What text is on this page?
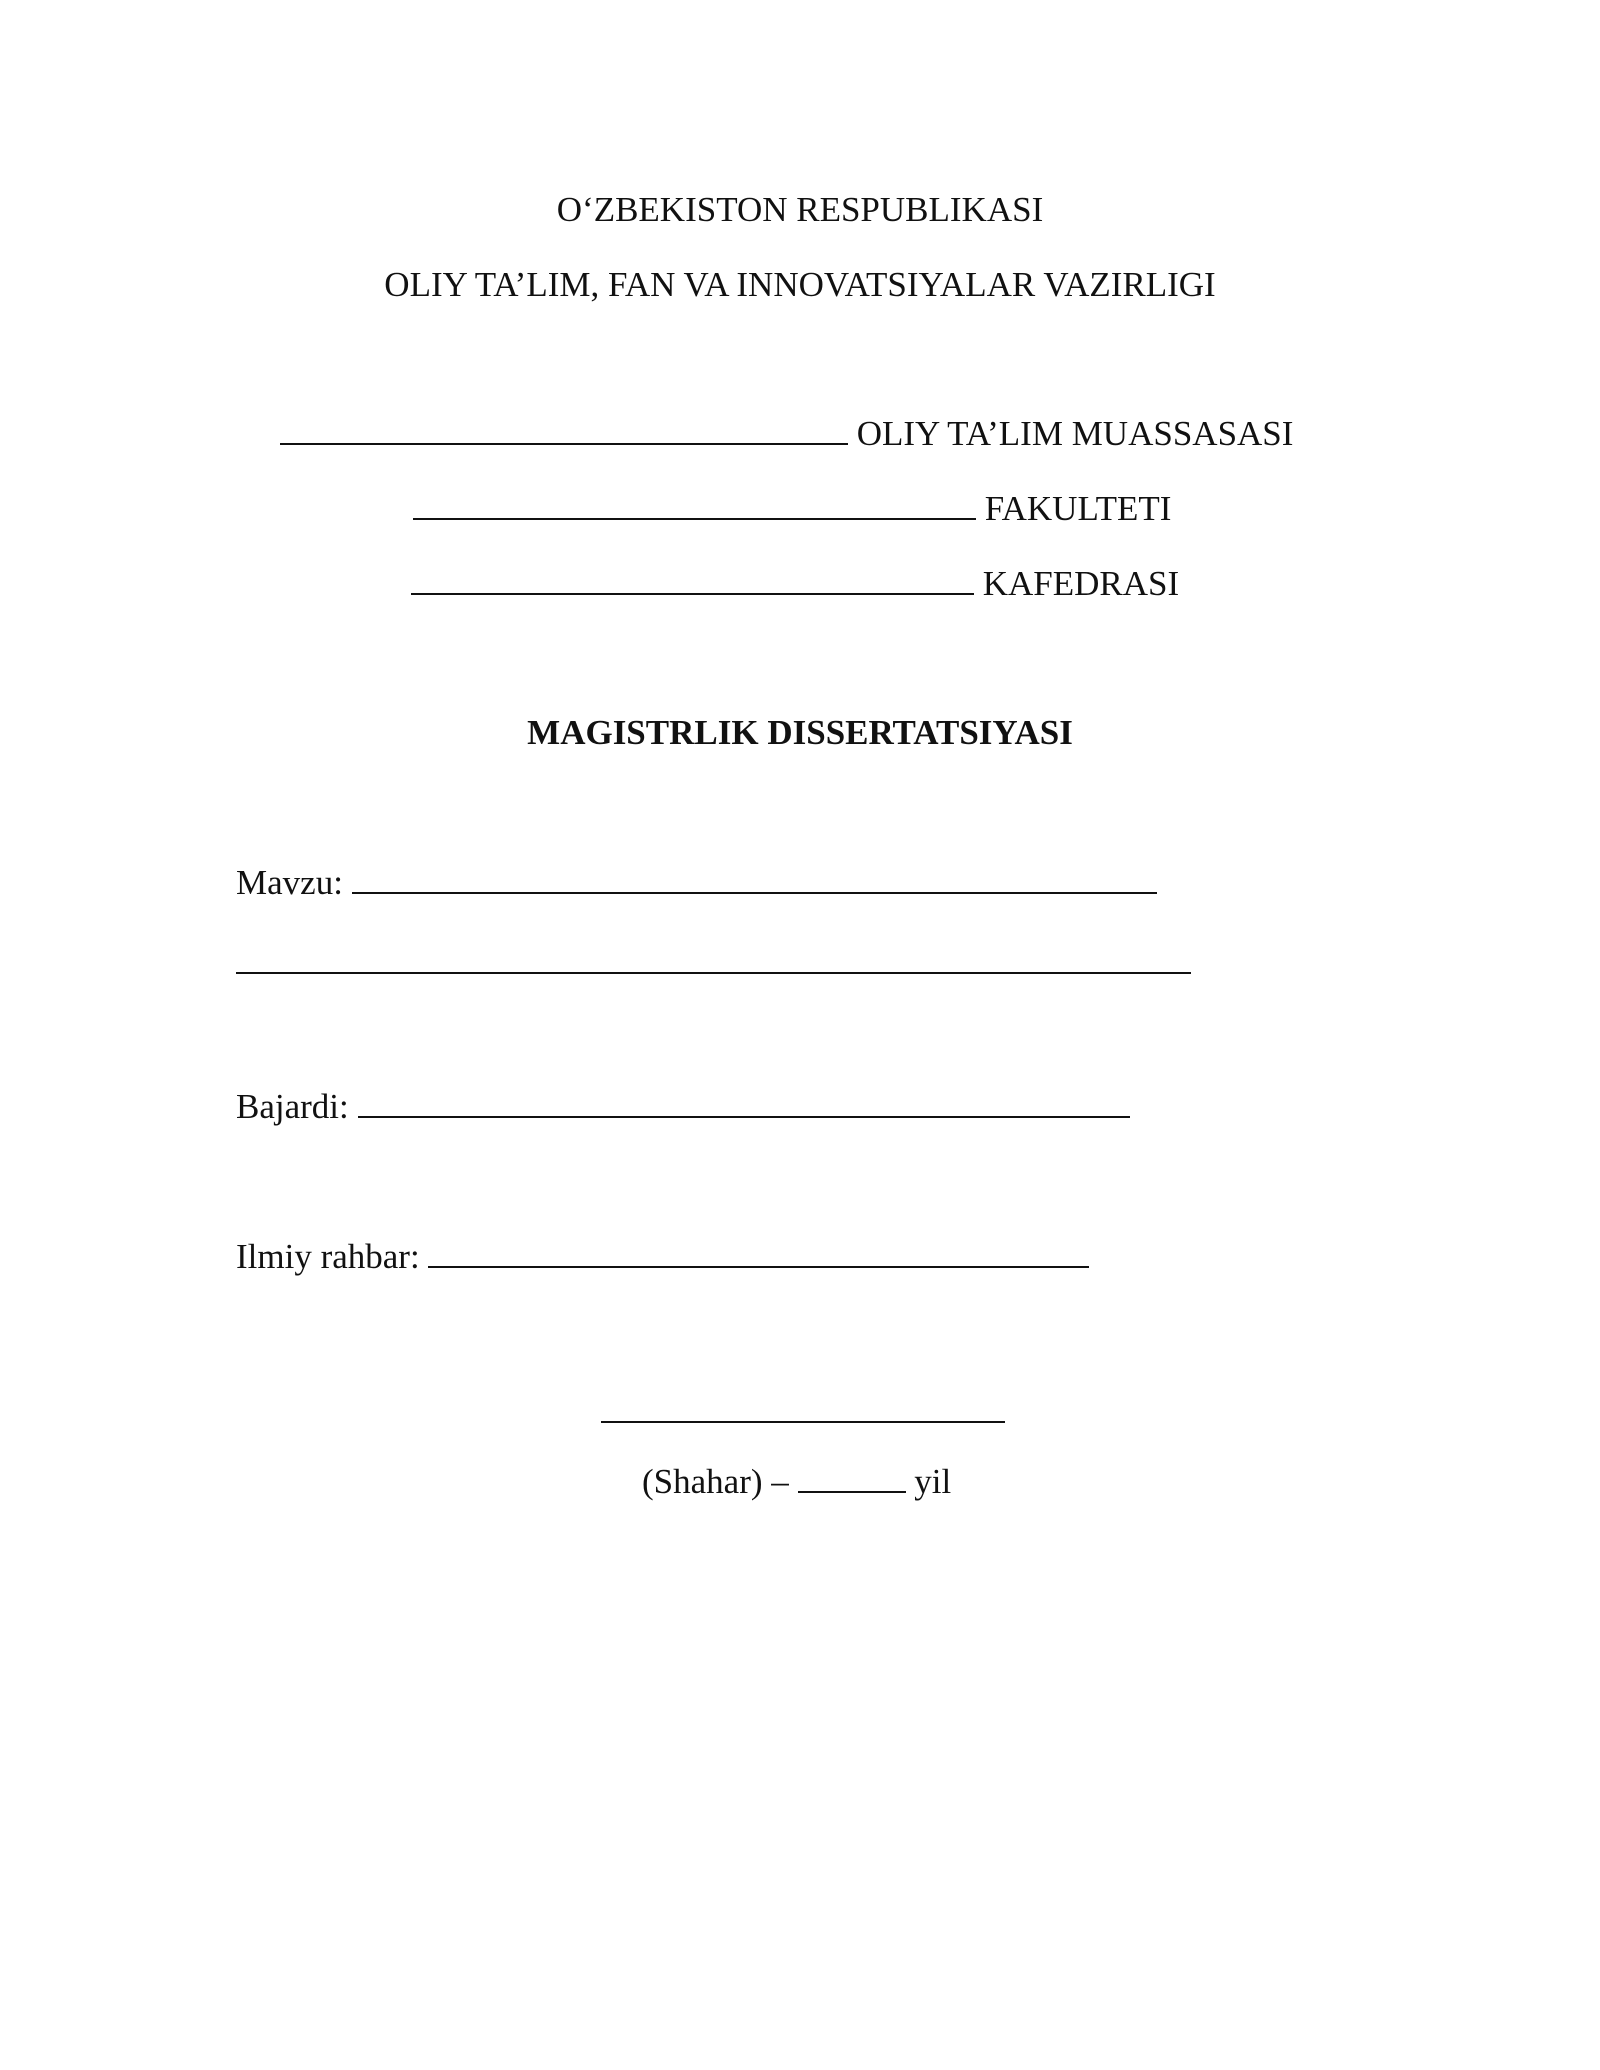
O‘ZBEKISTON RESPUBLIKASI
OLIY TA’LIM, FAN VA INNOVATSIYALAR VAZIRLIGI
OLIY TA’LIM MUASSASASI
FAKULTETI
KAFEDRASI
MAGISTRLIK DISSERTATSIYASI
Mavzu:
Bajardi:
Ilmiy rahbar:
(Shahar) –	yil
